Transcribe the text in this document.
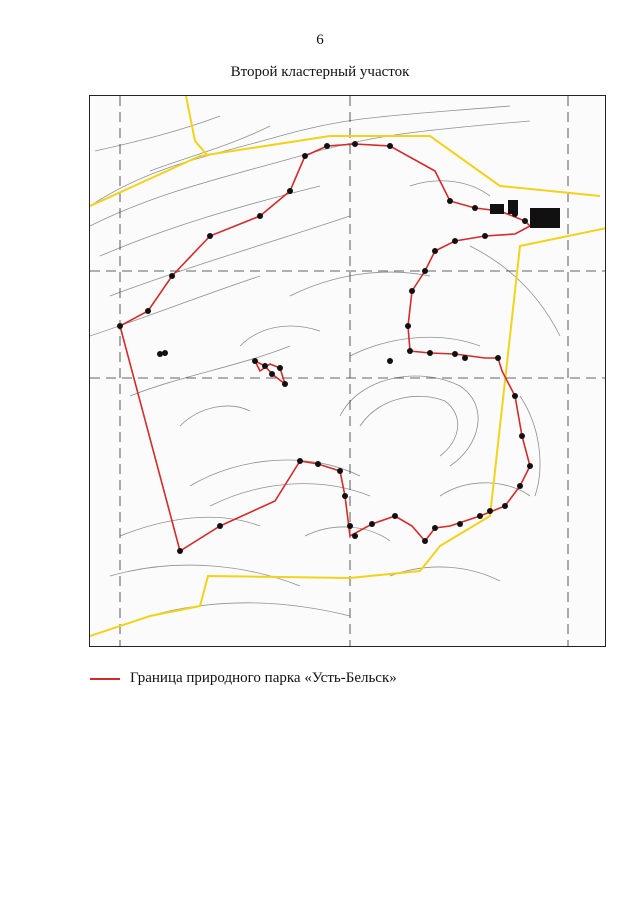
6
Второй кластерный участок
Граница природного парка «Усть-Бельск»
